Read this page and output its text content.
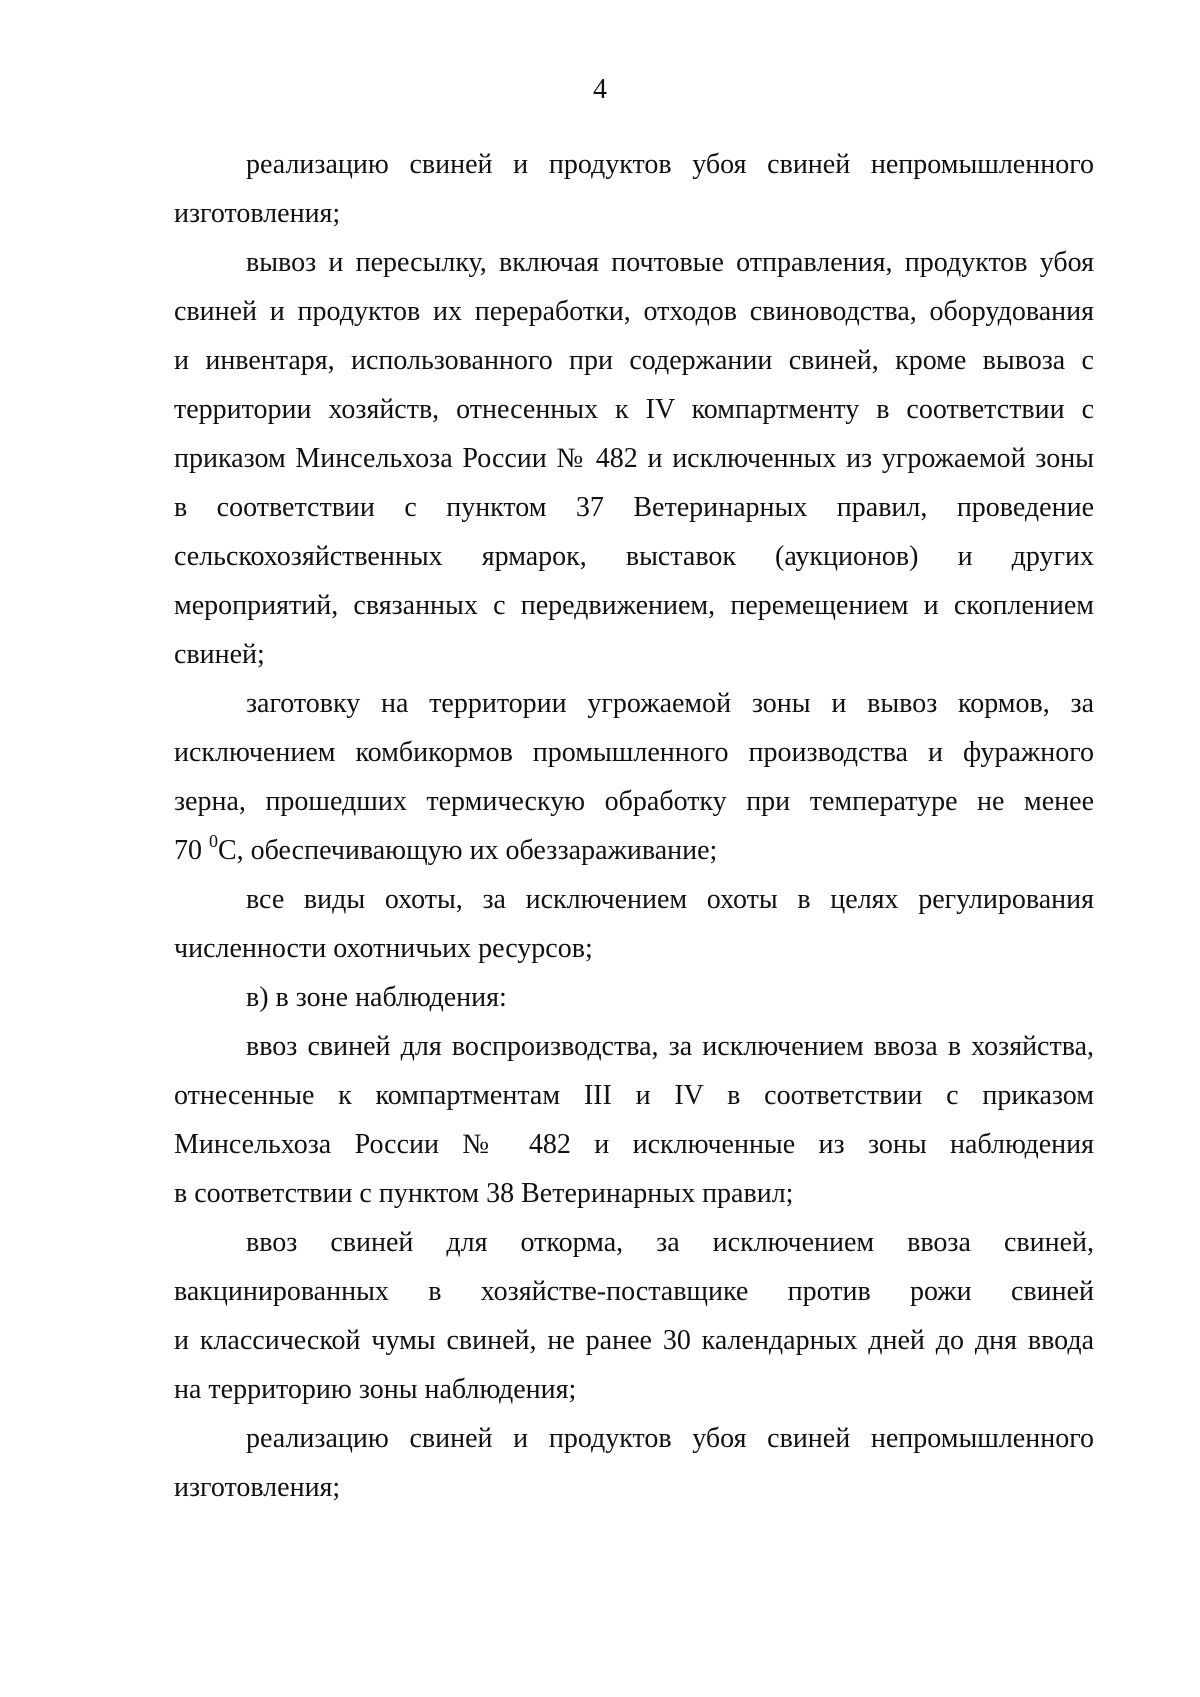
4
реализацию свиней и продуктов убоя свиней непромышленного
изготовления;
вывоз и пересылку, включая почтовые отправления, продуктов убоя
свиней и продуктов их переработки, отходов свиноводства, оборудования
и инвентаря, использованного при содержании свиней, кроме вывоза с
территории хозяйств, отнесенных к IV компартменту в соответствии с
приказом Минсельхоза России № 482 и исключенных из угрожаемой зоны
в соответствии с пунктом 37 Ветеринарных правил, проведение
сельскохозяйственных ярмарок, выставок (аукционов) и других
мероприятий, связанных с передвижением, перемещением и скоплением
свиней;
заготовку на территории угрожаемой зоны и вывоз кормов, за
исключением комбикормов промышленного производства и фуражного
зерна, прошедших термическую обработку при температуре не менее
70 $^0$С, обеспечивающую их обеззараживание;
все виды охоты, за исключением охоты в целях регулирования
численности охотничьих ресурсов;
в) в зоне наблюдения:
ввоз свиней для воспроизводства, за исключением ввоза в хозяйства,
отнесенные к компартментам III и IV в соответствии с приказом
Минсельхоза России № 482 и исключенные из зоны наблюдения
в соответствии с пунктом 38 Ветеринарных правил;
ввоз свиней для откорма, за исключением ввоза свиней,
вакцинированных в хозяйстве-поставщике против рожи свиней
и классической чумы свиней, не ранее 30 календарных дней до дня ввода
на территорию зоны наблюдения;
реализацию свиней и продуктов убоя свиней непромышленного
изготовления;
